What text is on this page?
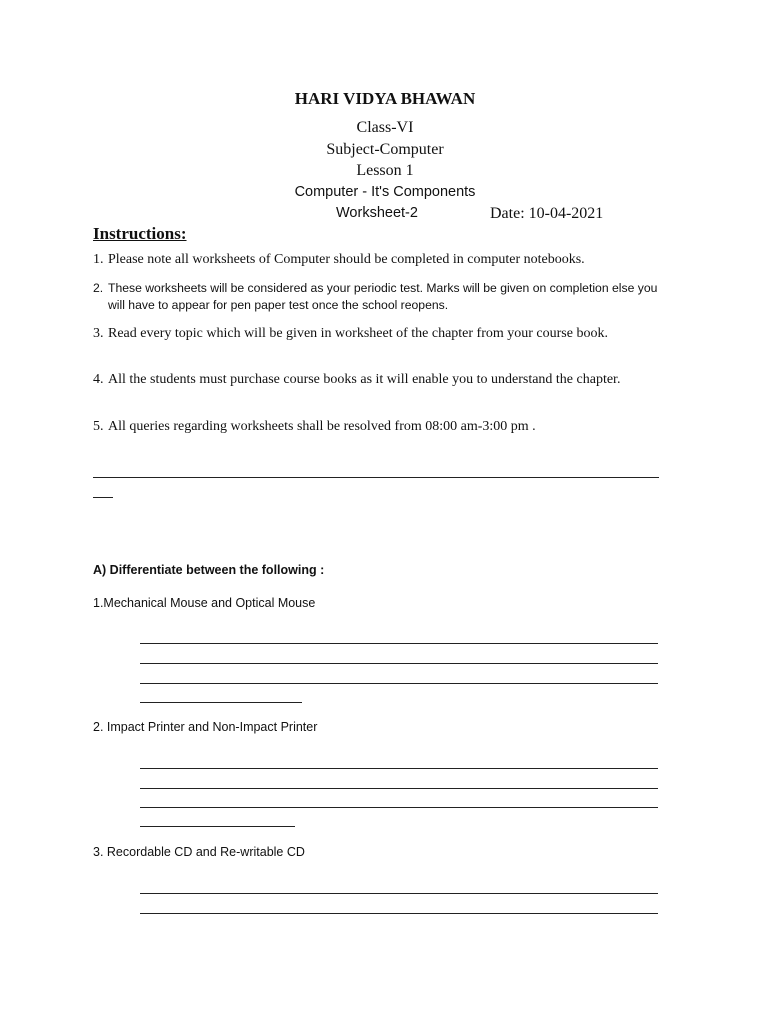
HARI VIDYA BHAWAN
Class-VI
Subject-Computer
Lesson 1
Computer - It's Components
Worksheet-2	Date: 10-04-2021
Instructions:
1. Please note all worksheets of Computer should be completed in computer notebooks.
2. These worksheets will be considered as your periodic test. Marks will be given on completion else you will have to appear for pen paper test once the school reopens.
3. Read every topic which will be given in worksheet of the chapter from your course book.
4. All the students must purchase course books as it will enable you to understand the chapter.
5. All queries regarding worksheets shall be resolved from 08:00 am-3:00 pm .
A) Differentiate between the following :
1.Mechanical Mouse and Optical Mouse
2. Impact Printer and Non-Impact Printer
3. Recordable CD and Re-writable CD
